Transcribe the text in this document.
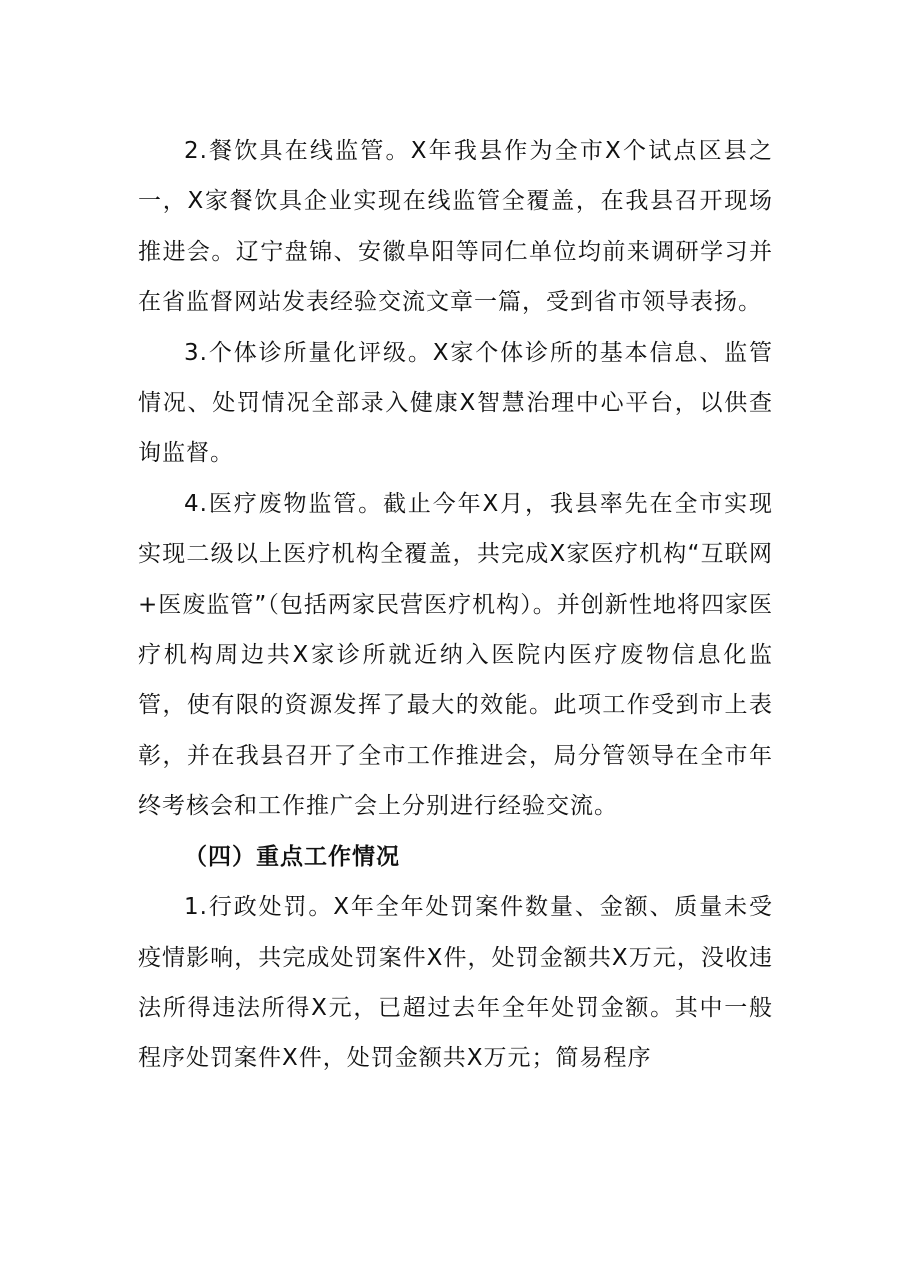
2.餐饮具在线监管。X年我县作为全市X个试点区县之一，X家餐饮具企业实现在线监管全覆盖，在我县召开现场推进会。辽宁盘锦、安徽阜阳等同仁单位均前来调研学习并在省监督网站发表经验交流文章一篇，受到省市领导表扬。

3.个体诊所量化评级。X家个体诊所的基本信息、监管情况、处罚情况全部录入健康X智慧治理中心平台，以供查询监督。

4.医疗废物监管。截止今年X月，我县率先在全市实现实现二级以上医疗机构全覆盖，共完成X家医疗机构“互联网+医废监管”（包括两家民营医疗机构）。并创新性地将四家医疗机构周边共X家诊所就近纳入医院内医疗废物信息化监管，使有限的资源发挥了最大的效能。此项工作受到市上表彰，并在我县召开了全市工作推进会，局分管领导在全市年终考核会和工作推广会上分别进行经验交流。

（四）重点工作情况

1.行政处罚。X年全年处罚案件数量、金额、质量未受疫情影响，共完成处罚案件X件，处罚金额共X万元，没收违法所得违法所得X元，已超过去年全年处罚金额。其中一般程序处罚案件X件，处罚金额共X万元；简易程序
